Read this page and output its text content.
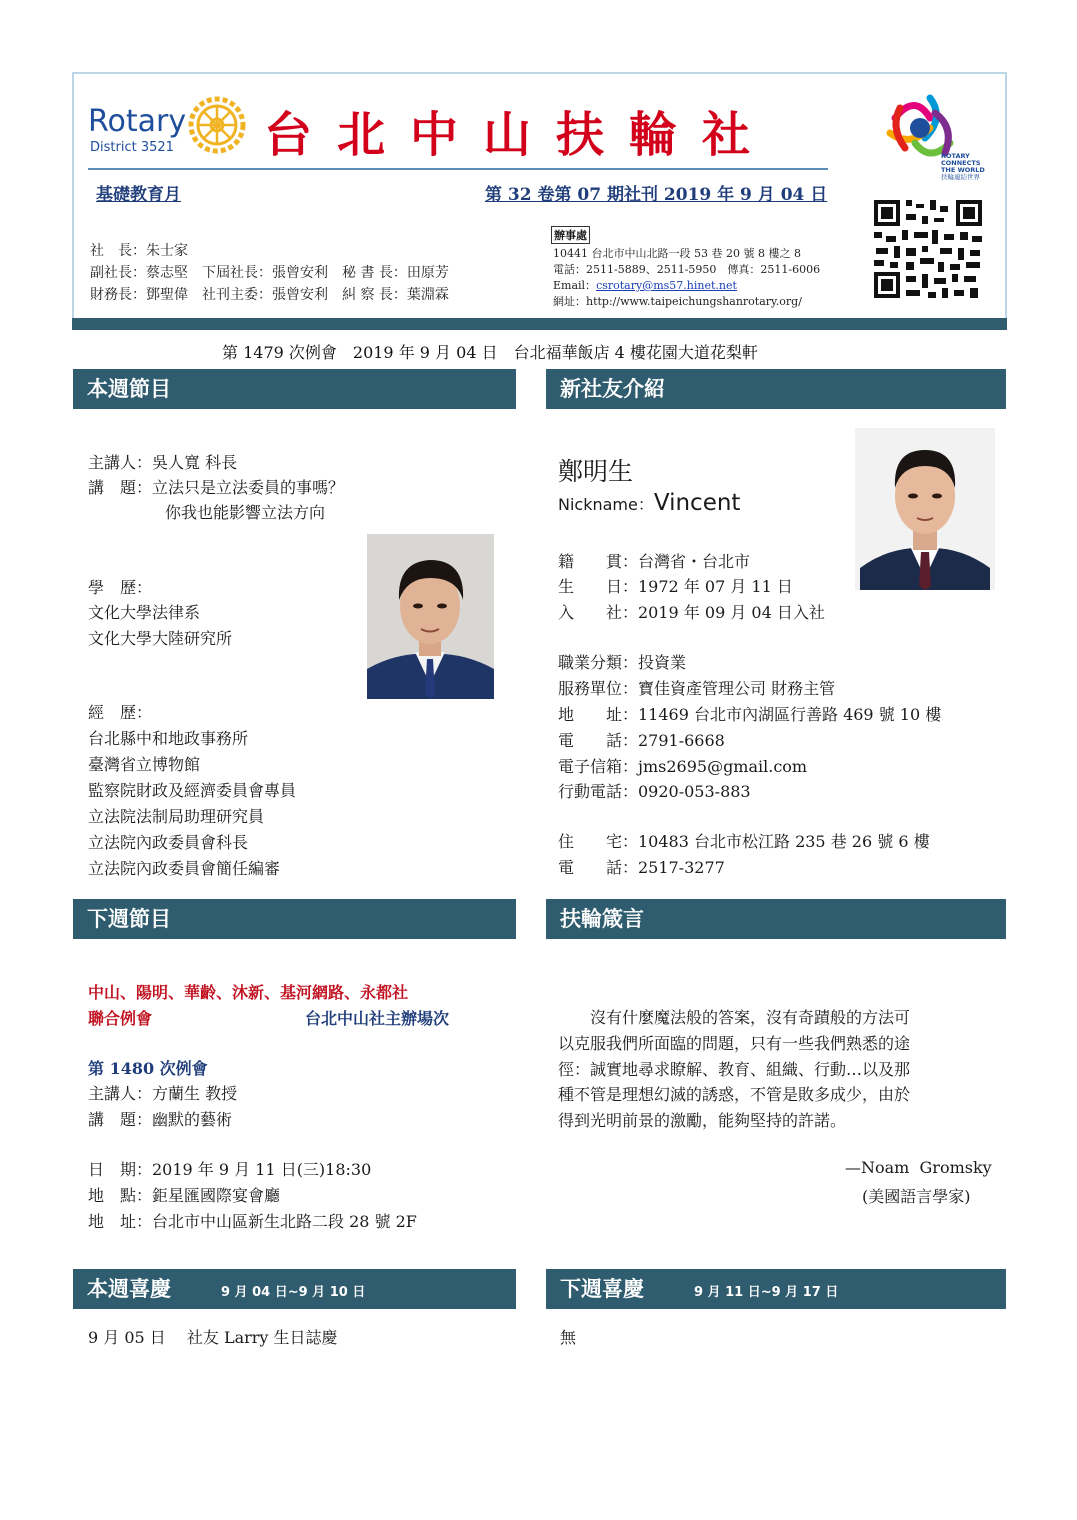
Rotary
District 3521 台北中山扶輪社
基礎教育月	第 32 卷第 07 期社刊 2019 年 9 月 04 日
ROTARY
CONNECTS
THE WORLD
扶輪連結世界
社　長：朱士家
副社長：蔡志堅　下屆社長：張曾安利　秘 書 長：田原芳
財務長：鄧聖偉　社刊主委：張曾安利　糾 察 長：葉淵霖
辦事處
10441 台北市中山北路一段 53 巷 20 號 8 樓之 8
電話：2511-5889、2511-5950　傳真：2511-6006
Email：csrotary@ms57.hinet.net
網址：http://www.taipeichungshanrotary.org/
第 1479 次例會　2019 年 9 月 04 日　台北福華飯店 4 樓花園大道花梨軒
本週節目
主講人：吳人寬 科長
講　題：立法只是立法委員的事嗎？
你我也能影響立法方向
學　歷：
文化大學法律系
文化大學大陸研究所
經　歷：
台北縣中和地政事務所
臺灣省立博物館
監察院財政及經濟委員會專員
立法院法制局助理研究員
立法院內政委員會科長
立法院內政委員會簡任編審
新社友介紹
鄭明生
Nickname：Vincent
籍　　貫：台灣省・台北市
生　　日：1972 年 07 月 11 日
入　　社：2019 年 09 月 04 日入社
職業分類：投資業
服務單位：寶佳資產管理公司 財務主管
地　　址：11469 台北市內湖區行善路 469 號 10 樓
電　　話：2791-6668
電子信箱：jms2695@gmail.com
行動電話：0920-053-883
住　　宅：10483 台北市松江路 235 巷 26 號 6 樓
電　　話：2517-3277
下週節目
中山、陽明、華齡、沐新、基河網路、永都社
聯合例會	台北中山社主辦場次
第 1480 次例會
主講人：方蘭生 教授
講　題：幽默的藝術
日　期：2019 年 9 月 11 日(三)18:30
地　點：鉅星匯國際宴會廳
地　址：台北市中山區新生北路二段 28 號 2F
扶輪箴言
　　沒有什麼魔法般的答案，沒有奇蹟般的方法可
以克服我們所面臨的問題，只有一些我們熟悉的途
徑：誠實地尋求瞭解、教育、組織、行動…以及那
種不管是理想幻滅的誘惑，不管是敗多成少，由於
得到光明前景的激勵，能夠堅持的許諾。
—Noam  Gromsky
(美國語言學家)
本週喜慶	9 月 04 日~9 月 10 日
9 月 05 日　 社友 Larry 生日誌慶
下週喜慶	9 月 11 日~9 月 17 日
無
